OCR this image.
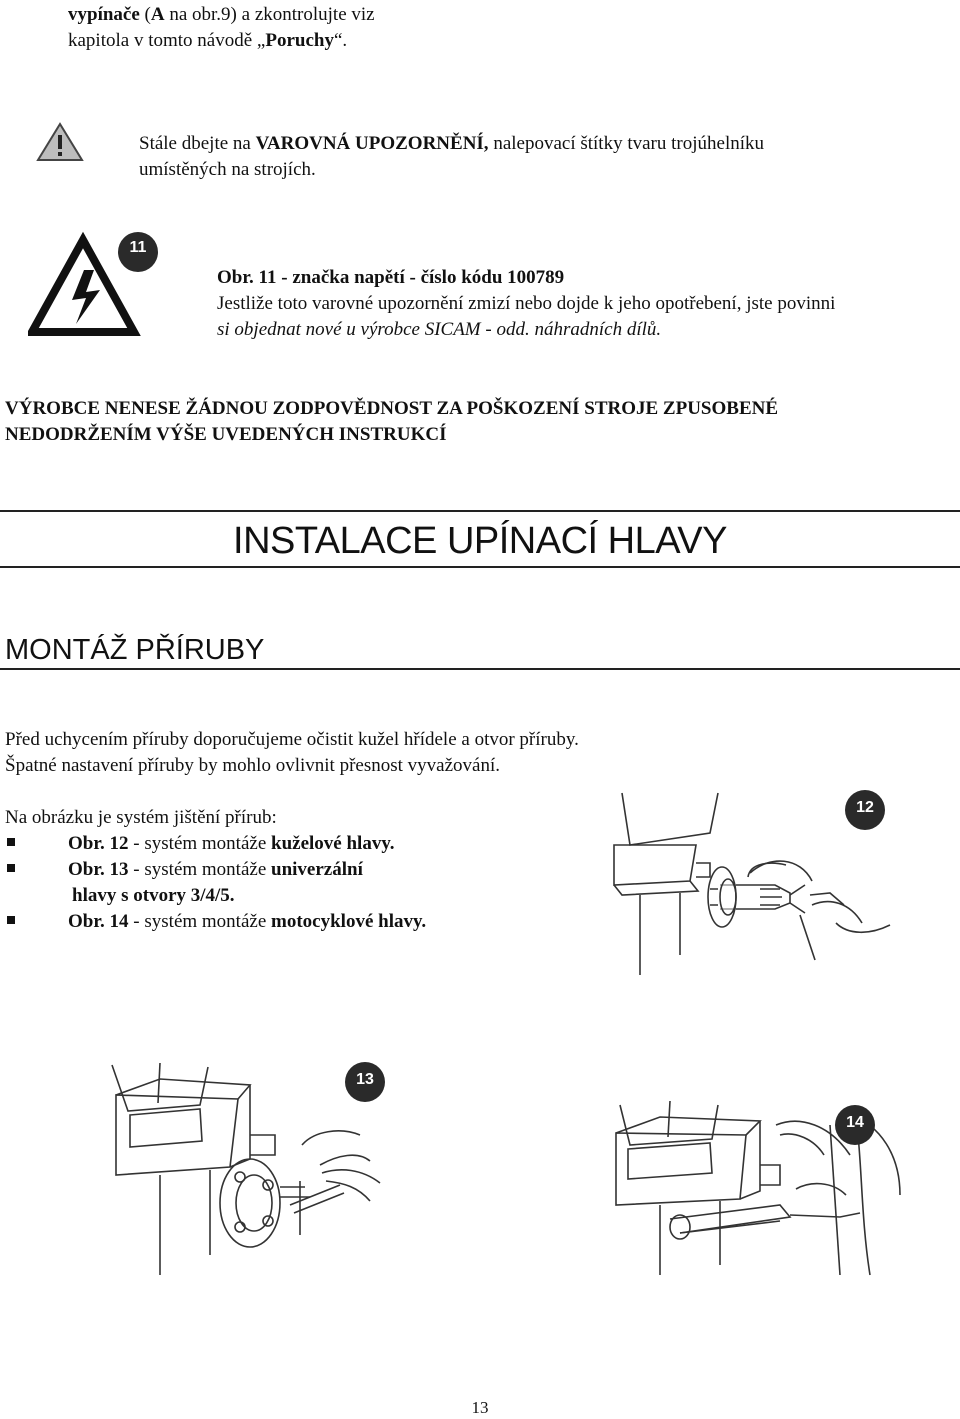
vypínače (A na obr.9) a zkontrolujte viz
kapitola v tomto návodě „Poruchy“.
Stále dbejte na VAROVNÁ UPOZORNĚNÍ, nalepovací štítky tvaru trojúhelníku
umístěných na strojích.
11
Obr. 11 - značka napětí - číslo kódu 100789
Jestliže toto varovné upozornění zmizí nebo dojde k jeho opotřebení, jste povinni
si objednat nové u výrobce SICAM - odd. náhradních dílů.
VÝROBCE NENESE ŽÁDNOU ZODPOVĚDNOST ZA POŠKOZENÍ STROJE ZPUSOBENÉ
NEDODRŽENÍM VÝŠE UVEDENÝCH INSTRUKCÍ
INSTALACE UPÍNACÍ HLAVY
MONTÁŽ PŘÍRUBY
Před uchycením příruby doporučujeme očistit kužel hřídele a otvor příruby.
Špatné nastavení příruby by mohlo ovlivnit přesnost vyvažování.
Na obrázku je systém jištění přírub:
Obr. 12 - systém montáže kuželové hlavy.
Obr. 13 - systém montáže univerzální
hlavy s otvory 3/4/5.
Obr. 14 - systém montáže motocyklové hlavy.
12
13
14
13
